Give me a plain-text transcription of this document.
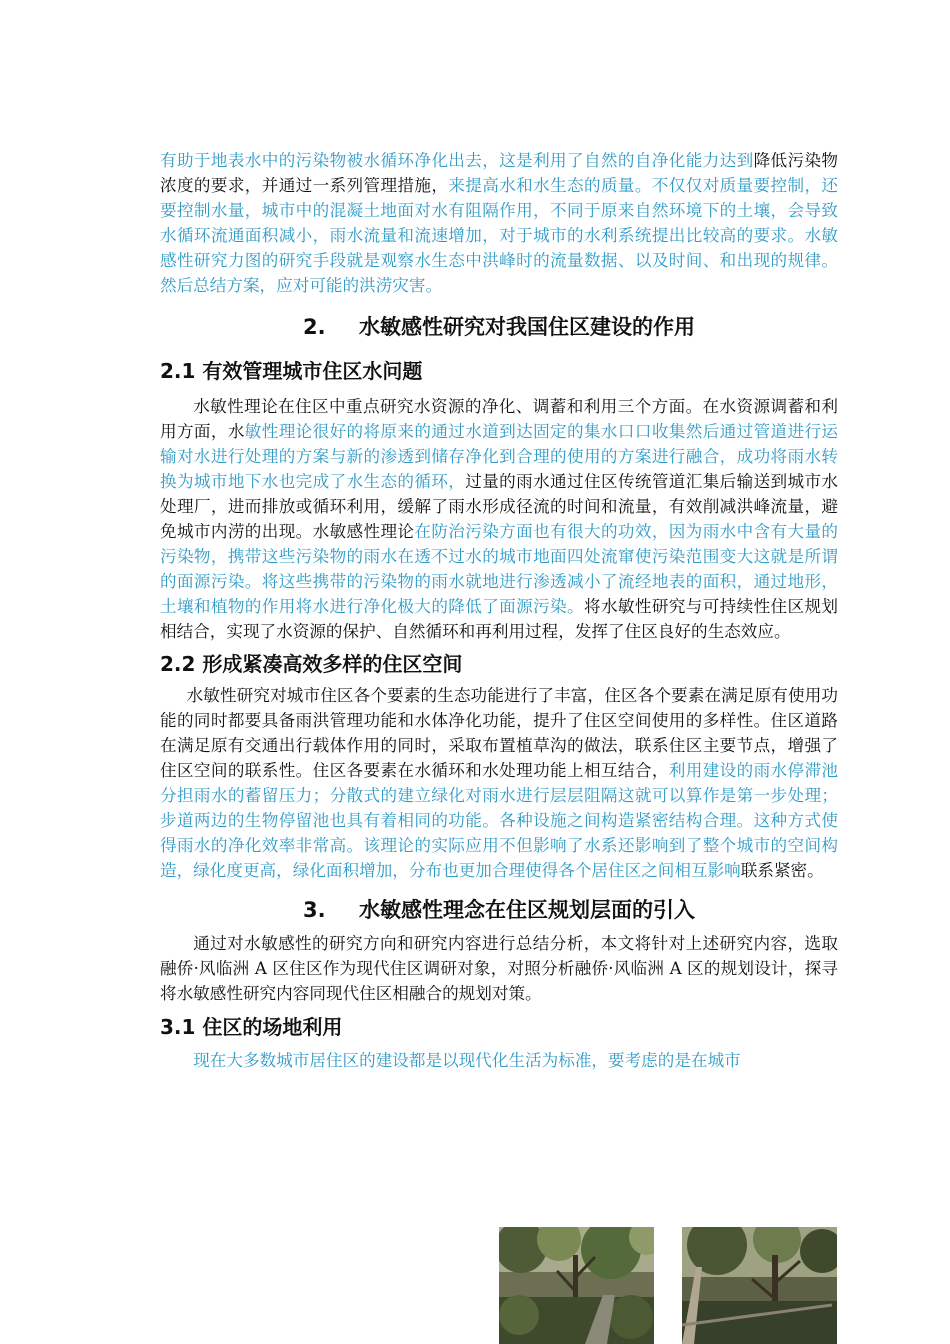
有助于地表水中的污染物被水循环净化出去，这是利用了自然的自净化能力达到降低污染物浓度的要求，并通过一系列管理措施，来提高水和水生态的质量。不仅仅对质量要控制，还要控制水量，城市中的混凝土地面对水有阻隔作用，不同于原来自然环境下的土壤，会导致水循环流通面积减小，雨水流量和流速增加，对于城市的水利系统提出比较高的要求。水敏感性研究力图的研究手段就是观察水生态中洪峰时的流量数据、以及时间、和出现的规律。然后总结方案，应对可能的洪涝灾害。

2. 水敏感性研究对我国住区建设的作用
2.1 有效管理城市住区水问题

水敏性理论在住区中重点研究水资源的净化、调蓄和利用三个方面。在水资源调蓄和利用方面，水敏性理论很好的将原来的通过水道到达固定的集水口口收集然后通过管道进行运输对水进行处理的方案与新的渗透到储存净化到合理的使用的方案进行融合，成功将雨水转换为城市地下水也完成了水生态的循环，过量的雨水通过住区传统管道汇集后输送到城市水处理厂，进而排放或循环利用，缓解了雨水形成径流的时间和流量，有效削减洪峰流量，避免城市内涝的出现。水敏感性理论在防治污染方面也有很大的功效，因为雨水中含有大量的污染物，携带这些污染物的雨水在透不过水的城市地面四处流窜使污染范围变大这就是所谓的面源污染。将这些携带的污染物的雨水就地进行渗透减小了流经地表的面积，通过地形，土壤和植物的作用将水进行净化极大的降低了面源污染。将水敏性研究与可持续性住区规划相结合，实现了水资源的保护、自然循环和再利用过程，发挥了住区良好的生态效应。

2.2 形成紧凑高效多样的住区空间

水敏性研究对城市住区各个要素的生态功能进行了丰富，住区各个要素在满足原有使用功能的同时都要具备雨洪管理功能和水体净化功能，提升了住区空间使用的多样性。住区道路在满足原有交通出行载体作用的同时，采取布置植草沟的做法，联系住区主要节点，增强了住区空间的联系性。住区各要素在水循环和水处理功能上相互结合，利用建设的雨水停滞池分担雨水的蓄留压力；分散式的建立绿化对雨水进行层层阻隔这就可以算作是第一步处理；步道两边的生物停留池也具有着相同的功能。各种设施之间构造紧密结构合理。这种方式使得雨水的净化效率非常高。该理论的实际应用不但影响了水系还影响到了整个城市的空间构造，绿化度更高，绿化面积增加，分布也更加合理使得各个居住区之间相互影响联系紧密。

3. 水敏感性理念在住区规划层面的引入

通过对水敏感性的研究方向和研究内容进行总结分析，本文将针对上述研究内容，选取融侨·风临洲 A 区住区作为现代住区调研对象，对照分析融侨·风临洲 A 区的规划设计，探寻将水敏感性研究内容同现代住区相融合的规划对策。

3.1 住区的场地利用

现在大多数城市居住区的建设都是以现代化生活为标准，要考虑的是在城市
